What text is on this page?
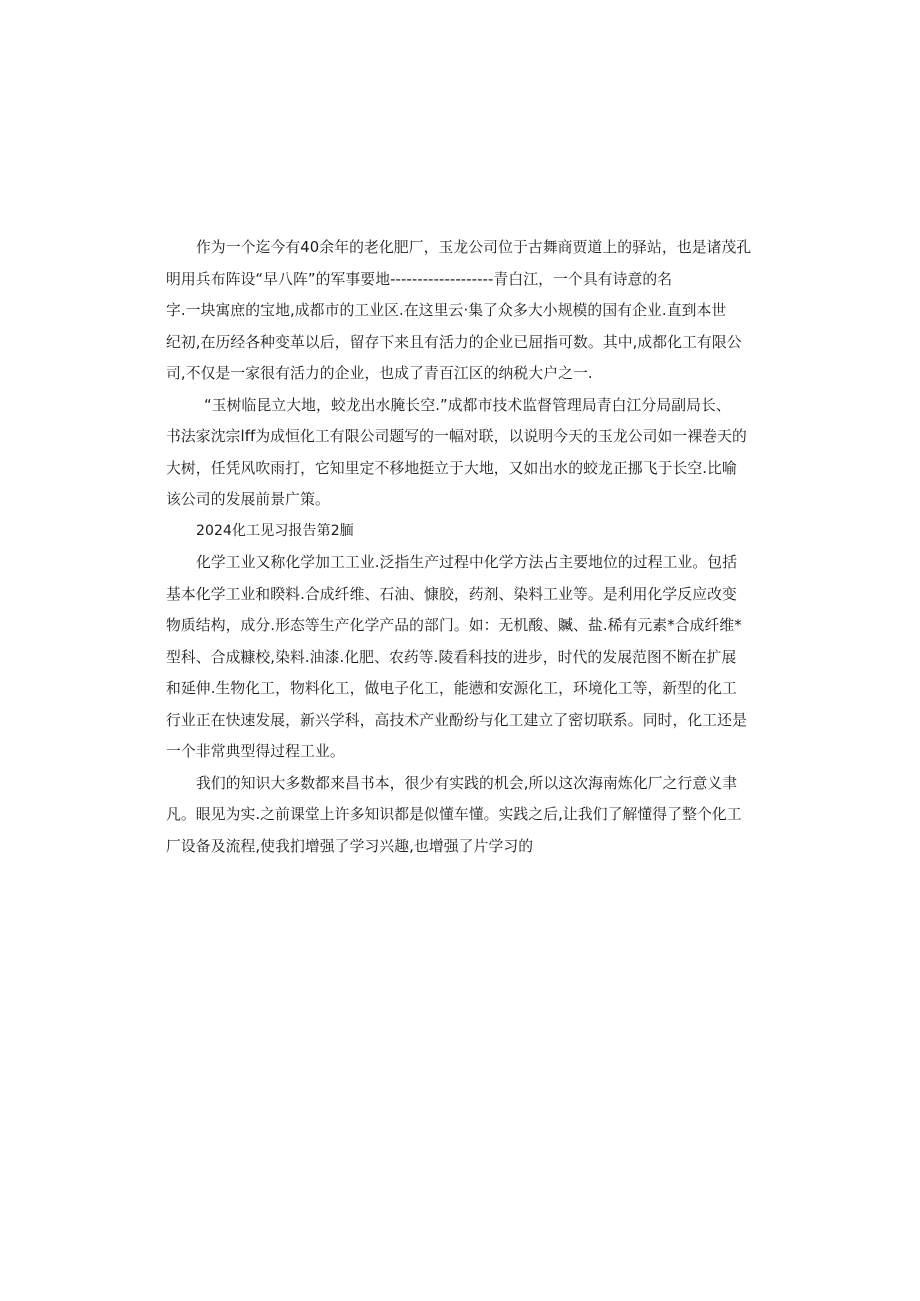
作为一个迄今有40余年的老化肥厂，玉龙公司位于古舞商贾道上的驿站，也是诸茂孔
明用兵布阵设“早八阵”的军事要地-------------------青白江，一个具有诗意的名
字.一块寓庶的宝地,成都市的工业区.在这里云·集了众多大小规模的国有企业.直到本世
纪初,在历经各种变革以后，留存下来且有活力的企业已屈指可数。其中,成都化工有限公
司,不仅是一家很有活力的企业，也成了青百江区的纳税大户之一.
“玉树临昆立大地，蛟龙出水腌长空.”成都市技术监督管理局青白江分局副局长、
书法家沈宗lff为成恒化工有限公司题写的一幅对联，以说明今天的玉龙公司如一裸巻天的
大树，任凭风吹雨打，它知里定不移地挺立于大地，又如出水的蛟龙正挪飞于长空.比喻
该公司的发展前景广策。
2024化工见习报告第2腼
化学工业又称化学加工工业.泛指生产过程中化学方法占主要地位的过程工业。包括
基本化学工业和睽料.合成纤维、石油、慷胶，药剂、染料工业等。是利用化学反应改变
物质结构，成分.形态等生产化学产品的部门。如：无机酸、贓、盐.稀有元素*合成纤维*
型科、合成糠校,染料.油漆.化肥、农药等.陵看科技的进步，时代的发展范图不断在扩展
和延伸.生物化工，物料化工，做电子化工，能懑和安源化工，环境化工等，新型的化工
行业正在快速发展，新兴学科，高技术产业酚纷与化工建立了密切联系。同时，化工还是
一个非常典型得过程工业。
我们的知识大多数都来昌书本，很少有实践的机会,所以这次海南炼化厂之行意义聿
凡。眼见为实.之前课堂上许多知识都是似懂车懂。实践之后,让我们了解懂得了整个化工
厂设备及流程,使我扪增强了学习兴趣,也增强了片学习的
